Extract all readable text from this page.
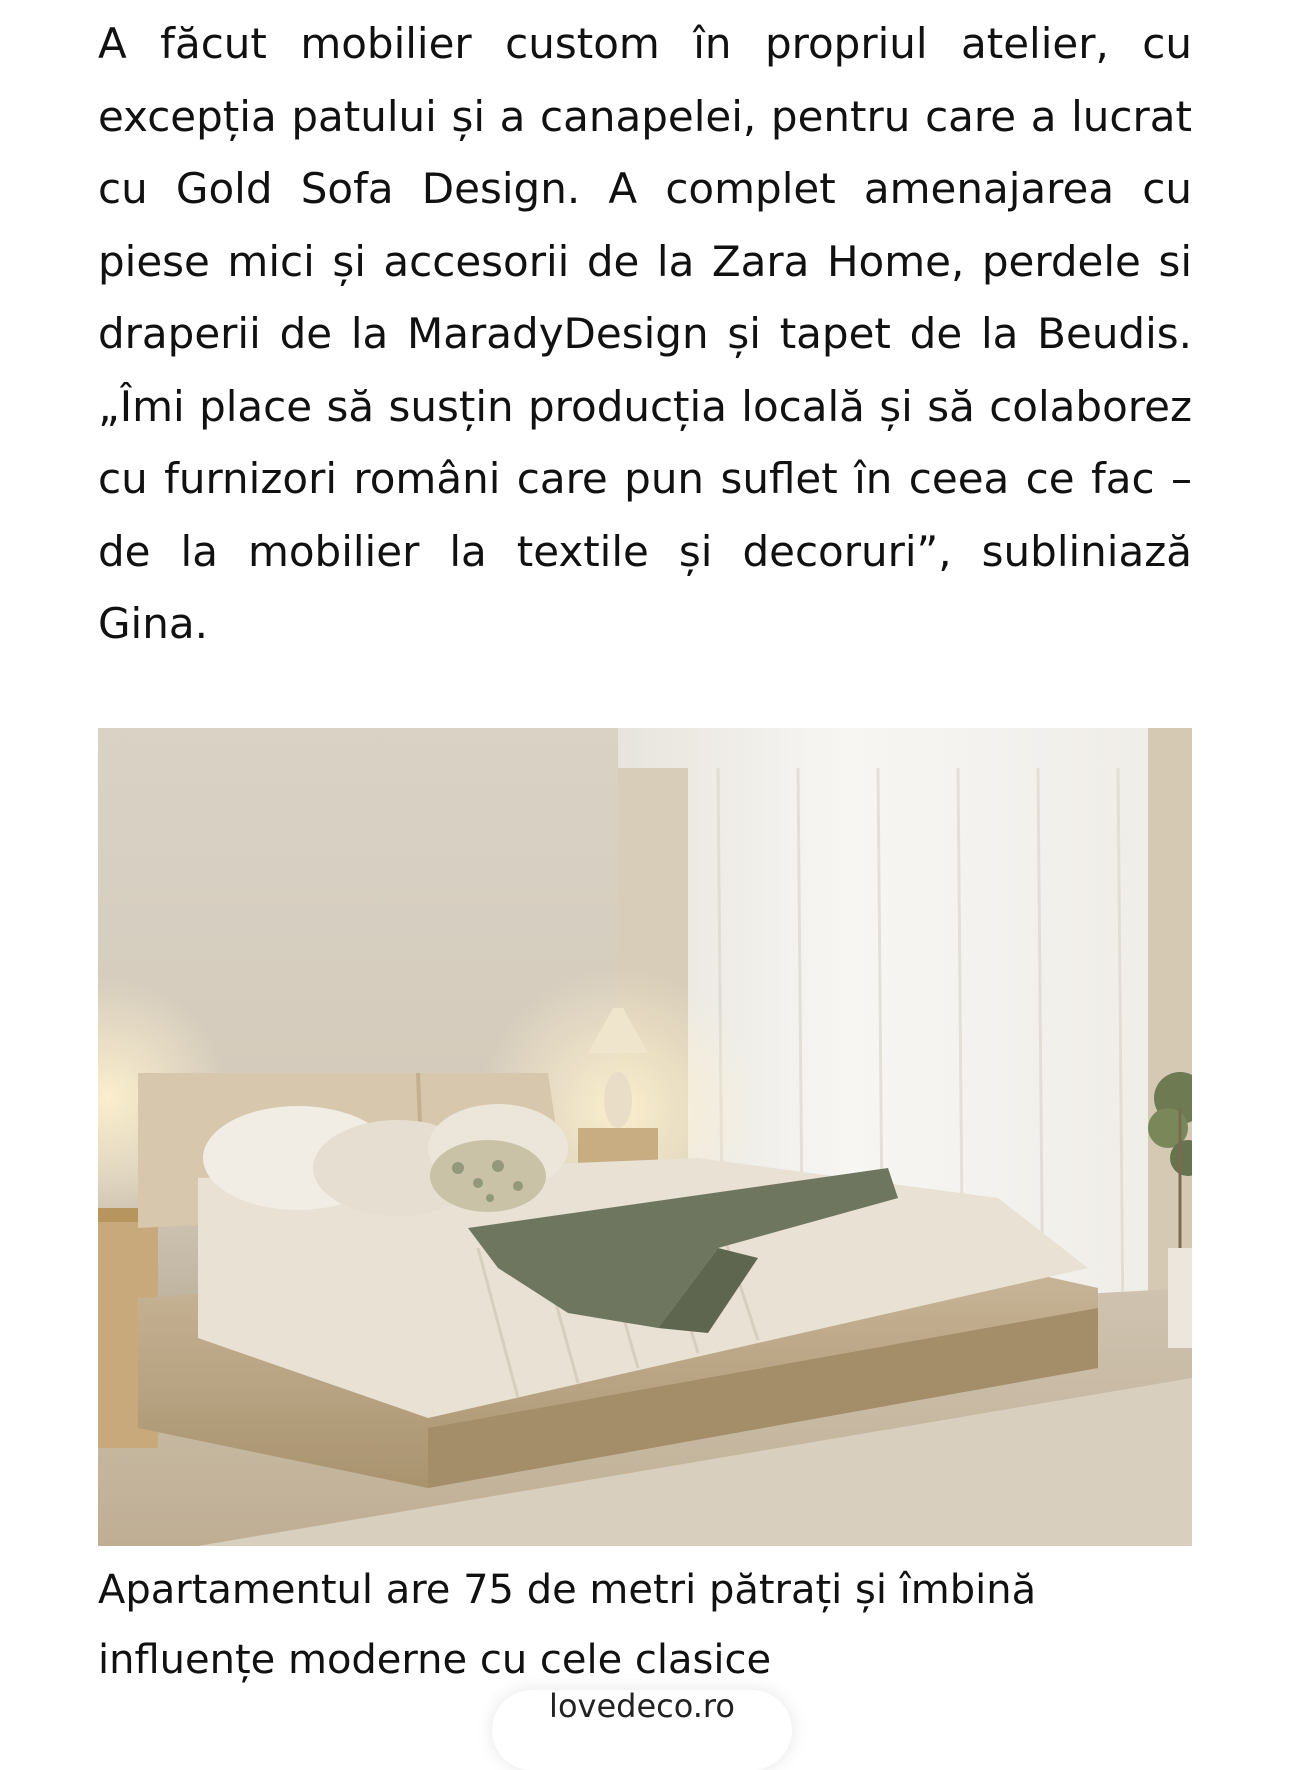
A făcut mobilier custom în propriul atelier, cu excepția patului și a canapelei, pentru care a lucrat cu Gold Sofa Design. A complet amenajarea cu piese mici și accesorii de la Zara Home, perdele si draperii de la MaradyDesign și tapet de la Beudis. „Îmi place să susțin producția locală și să colaborez cu furnizori români care pun suflet în ceea ce fac – de la mobilier la textile și decoruri”, subliniază Gina.

Apartamentul are 75 de metri pătrați și îmbină influențe moderne cu cele clasice

lovedeco.ro
